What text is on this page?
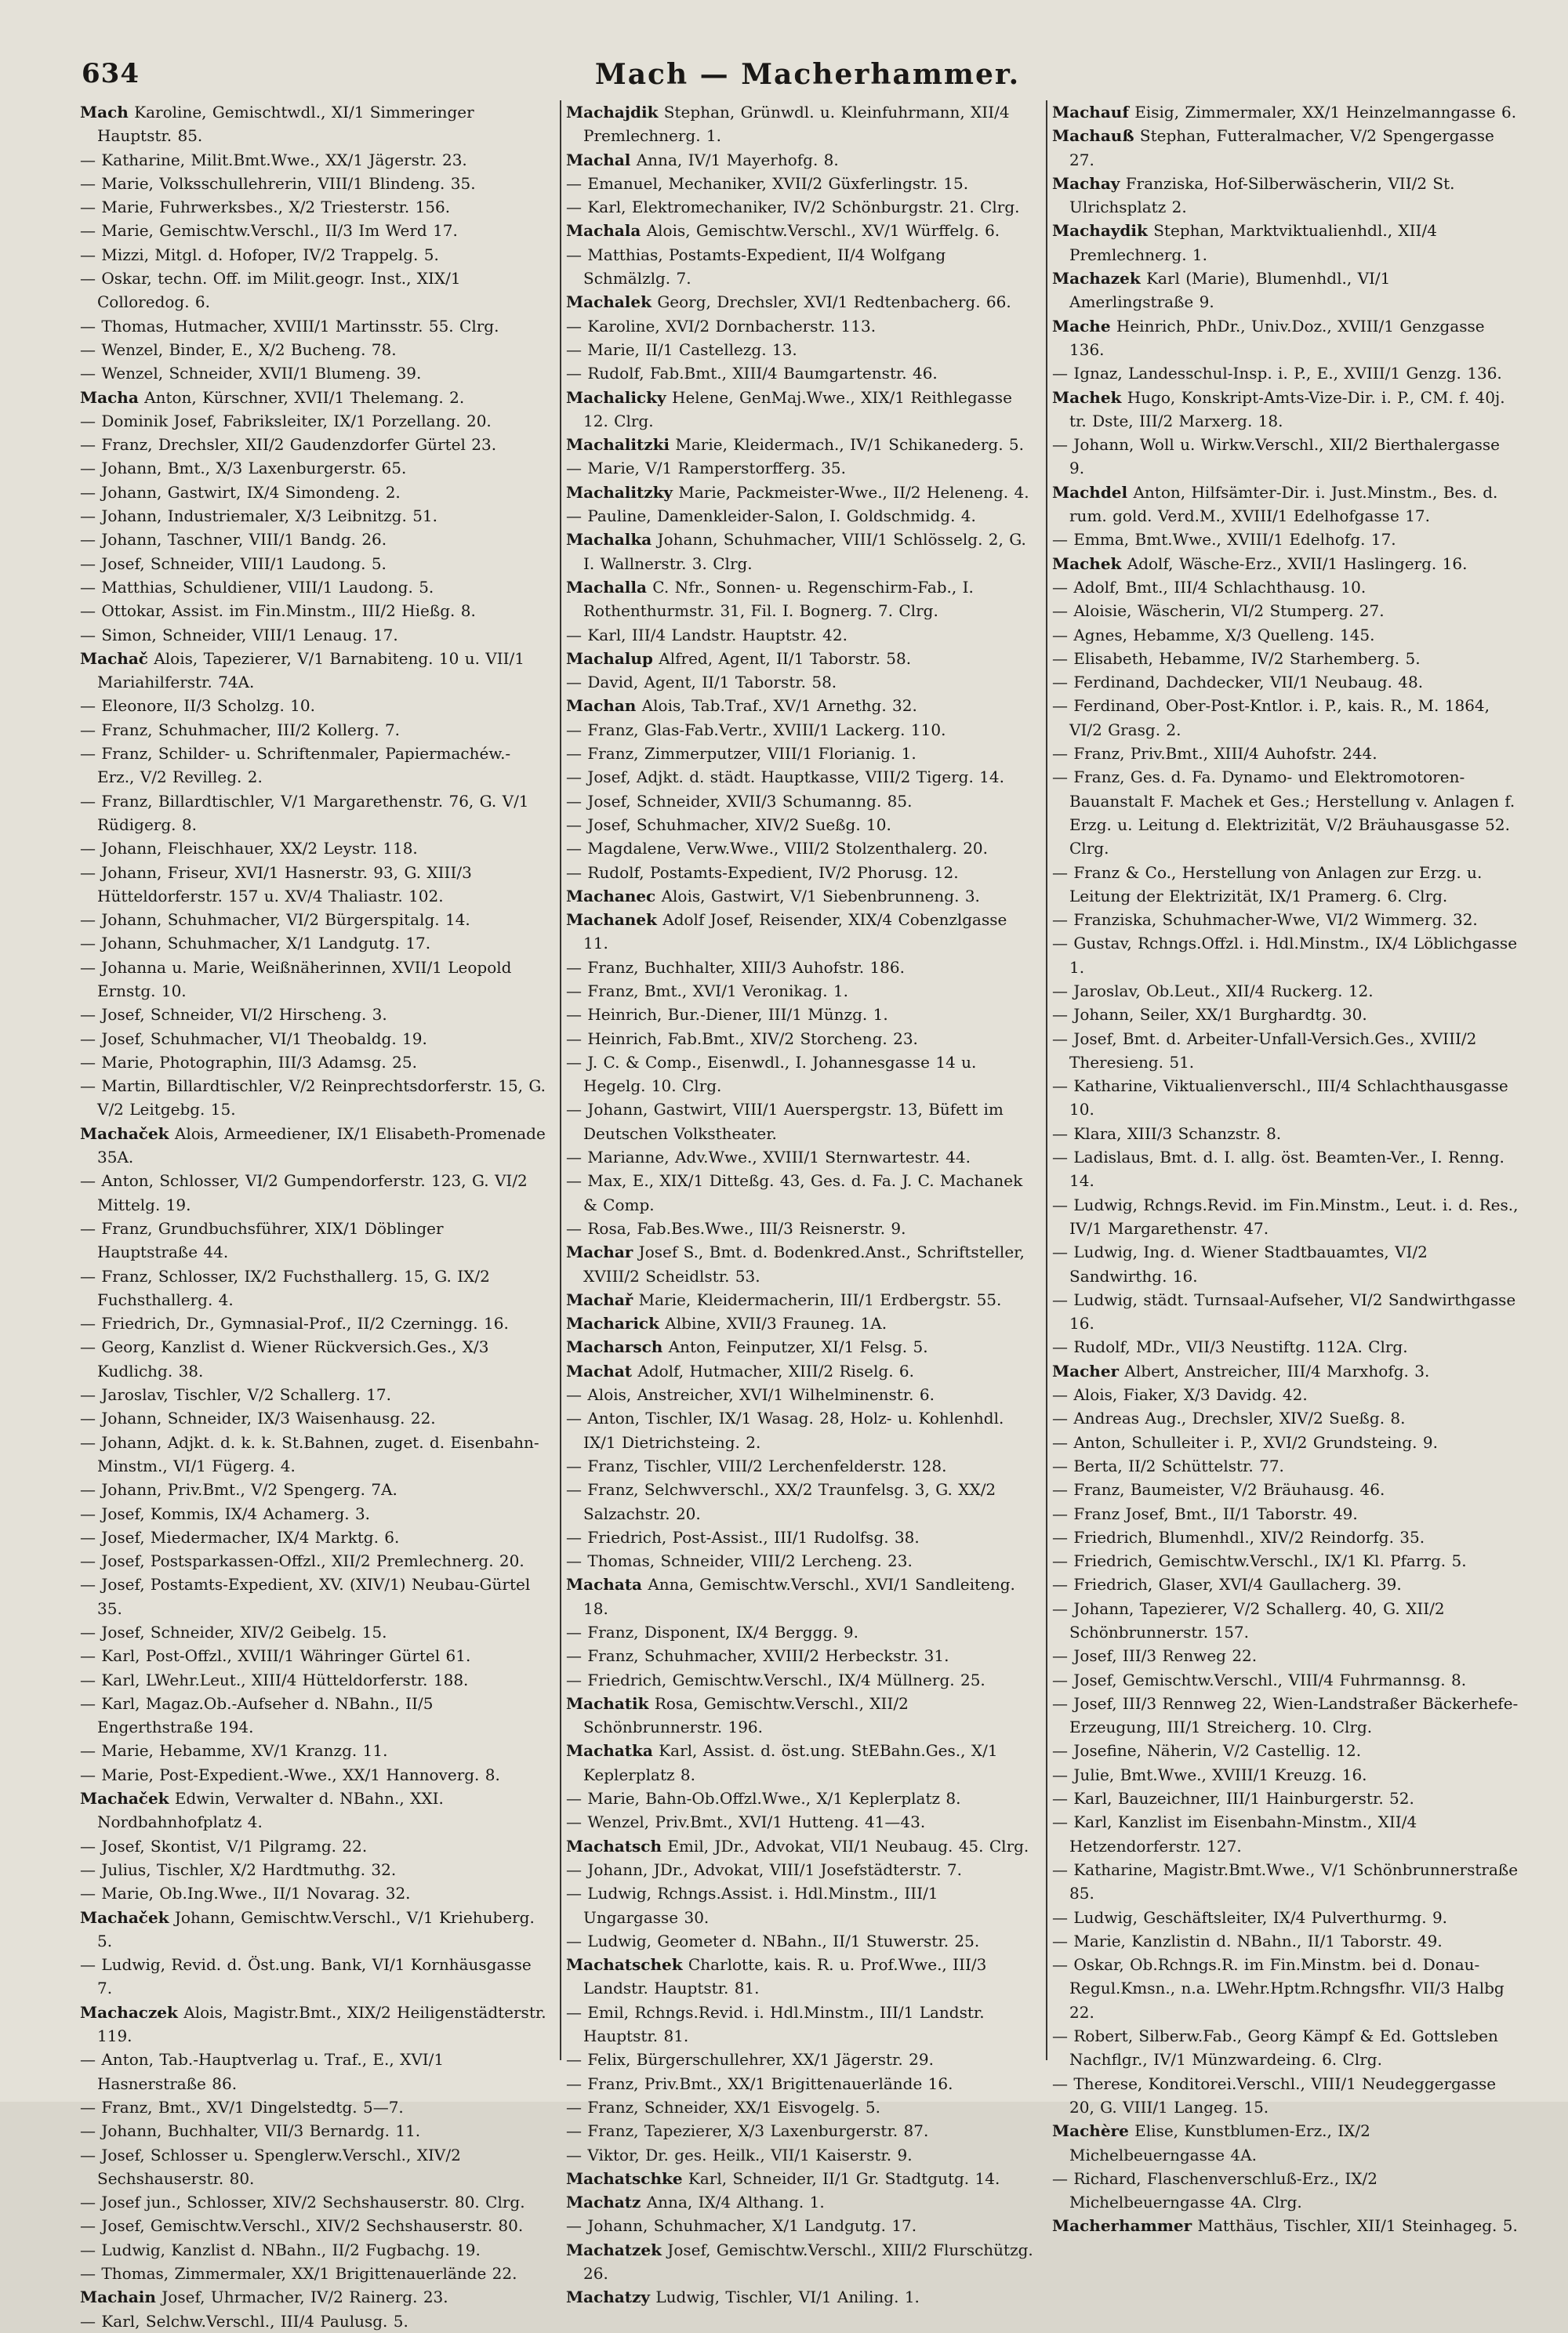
634	Mach — Macherhammer.

Mach Karoline, Gemischtwdl., XI/1 Simmeringer Hauptstr. 85.

— Katharine, Milit.Bmt.Wwe., XX/1 Jägerstr. 23.

— Marie, Volksschullehrerin, VIII/1 Blindeng. 35.

— Marie, Fuhrwerksbes., X/2 Triesterstr. 156.

— Marie, Gemischtw.Verschl., II/3 Im Werd 17.

— Mizzi, Mitgl. d. Hofoper, IV/2 Trappelg. 5.

— Oskar, techn. Off. im Milit.geogr. Inst., XIX/1 Colloredog. 6.

— Thomas, Hutmacher, XVIII/1 Martinsstr. 55. Clrg.

— Wenzel, Binder, E., X/2 Bucheng. 78.

— Wenzel, Schneider, XVII/1 Blumeng. 39.

Macha Anton, Kürschner, XVII/1 Thelemang. 2.

— Dominik Josef, Fabriksleiter, IX/1 Porzellang. 20.

— Franz, Drechsler, XII/2 Gaudenzdorfer Gürtel 23.

— Johann, Bmt., X/3 Laxenburgerstr. 65.

— Johann, Gastwirt, IX/4 Simondeng. 2.

— Johann, Industriemaler, X/3 Leibnitzg. 51.

— Johann, Taschner, VIII/1 Bandg. 26.

— Josef, Schneider, VIII/1 Laudong. 5.

— Matthias, Schuldiener, VIII/1 Laudong. 5.

— Ottokar, Assist. im Fin.Minstm., III/2 Hießg. 8.

— Simon, Schneider, VIII/1 Lenaug. 17.

Machač Alois, Tapezierer, V/1 Barnabiteng. 10 u. VII/1 Mariahilferstr. 74A.

— Eleonore, II/3 Scholzg. 10.

— Franz, Schuhmacher, III/2 Kollerg. 7.

— Franz, Schilder- u. Schriftenmaler, Papiermachéw.-Erz., V/2 Revilleg. 2.

— Franz, Billardtischler, V/1 Margarethenstr. 76, G. V/1 Rüdigerg. 8.

— Johann, Fleischhauer, XX/2 Leystr. 118.

— Johann, Friseur, XVI/1 Hasnerstr. 93, G. XIII/3 Hütteldorferstr. 157 u. XV/4 Thaliastr. 102.

— Johann, Schuhmacher, VI/2 Bürgerspitalg. 14.

— Johann, Schuhmacher, X/1 Landgutg. 17.

— Johanna u. Marie, Weißnäherinnen, XVII/1 Leopold Ernstg. 10.

— Josef, Schneider, VI/2 Hirscheng. 3.

— Josef, Schuhmacher, VI/1 Theobaldg. 19.

— Marie, Photographin, III/3 Adamsg. 25.

— Martin, Billardtischler, V/2 Reinprechtsdorferstr. 15, G. V/2 Leitgebg. 15.

Machaček Alois, Armeediener, IX/1 Elisabeth-Promenade 35A.

— Anton, Schlosser, VI/2 Gumpendorferstr. 123, G. VI/2 Mittelg. 19.

— Franz, Grundbuchsführer, XIX/1 Döblinger Hauptstraße 44.

— Franz, Schlosser, IX/2 Fuchsthallerg. 15, G. IX/2 Fuchsthallerg. 4.

— Friedrich, Dr., Gymnasial-Prof., II/2 Czerningg. 16.

— Georg, Kanzlist d. Wiener Rückversich.Ges., X/3 Kudlichg. 38.

— Jaroslav, Tischler, V/2 Schallerg. 17.

— Johann, Schneider, IX/3 Waisenhausg. 22.

— Johann, Adjkt. d. k. k. St.Bahnen, zuget. d. Eisenbahn-Minstm., VI/1 Fügerg. 4.

— Johann, Priv.Bmt., V/2 Spengerg. 7A.

— Josef, Kommis, IX/4 Achamerg. 3.

— Josef, Miedermacher, IX/4 Marktg. 6.

— Josef, Postsparkassen-Offzl., XII/2 Premlechnerg. 20.

— Josef, Postamts-Expedient, XV. (XIV/1) Neubau-Gürtel 35.

— Josef, Schneider, XIV/2 Geibelg. 15.

— Karl, Post-Offzl., XVIII/1 Währinger Gürtel 61.

— Karl, LWehr.Leut., XIII/4 Hütteldorferstr. 188.

— Karl, Magaz.Ob.-Aufseher d. NBahn., II/5 Engerthstraße 194.

— Marie, Hebamme, XV/1 Kranzg. 11.

— Marie, Post-Expedient.-Wwe., XX/1 Hannoverg. 8.

Machaček Edwin, Verwalter d. NBahn., XXI. Nordbahnhofplatz 4.

— Josef, Skontist, V/1 Pilgramg. 22.

— Julius, Tischler, X/2 Hardtmuthg. 32.

— Marie, Ob.Ing.Wwe., II/1 Novarag. 32.

Machaček Johann, Gemischtw.Verschl., V/1 Kriehuberg. 5.

— Ludwig, Revid. d. Öst.ung. Bank, VI/1 Kornhäusgasse 7.

Machaczek Alois, Magistr.Bmt., XIX/2 Heiligenstädterstr. 119.

— Anton, Tab.-Hauptverlag u. Traf., E., XVI/1 Hasnerstraße 86.

— Franz, Bmt., XV/1 Dingelstedtg. 5—7.

— Johann, Buchhalter, VII/3 Bernardg. 11.

— Josef, Schlosser u. Spenglerw.Verschl., XIV/2 Sechshauserstr. 80.

— Josef jun., Schlosser, XIV/2 Sechshauserstr. 80. Clrg.

— Josef, Gemischtw.Verschl., XIV/2 Sechshauserstr. 80.

— Ludwig, Kanzlist d. NBahn., II/2 Fugbachg. 19.

— Thomas, Zimmermaler, XX/1 Brigittenauerlände 22.

Machain Josef, Uhrmacher, IV/2 Rainerg. 23.

— Karl, Selchw.Verschl., III/4 Paulusg. 5.

Machajdik Stephan, Grünwdl. u. Kleinfuhrmann, XII/4 Premlechnerg. 1.

Machal Anna, IV/1 Mayerhofg. 8.

— Emanuel, Mechaniker, XVII/2 Güxferlingstr. 15.

— Karl, Elektromechaniker, IV/2 Schönburgstr. 21. Clrg.

Machala Alois, Gemischtw.Verschl., XV/1 Würffelg. 6.

— Matthias, Postamts-Expedient, II/4 Wolfgang Schmälzlg. 7.

Machalek Georg, Drechsler, XVI/1 Redtenbacherg. 66.

— Karoline, XVI/2 Dornbacherstr. 113.

— Marie, II/1 Castellezg. 13.

— Rudolf, Fab.Bmt., XIII/4 Baumgartenstr. 46.

Machalicky Helene, GenMaj.Wwe., XIX/1 Reithlegasse 12. Clrg.

Machalitzki Marie, Kleidermach., IV/1 Schikanederg. 5.

— Marie, V/1 Ramperstorfferg. 35.

Machalitzky Marie, Packmeister-Wwe., II/2 Heleneng. 4.

— Pauline, Damenkleider-Salon, I. Goldschmidg. 4.

Machalka Johann, Schuhmacher, VIII/1 Schlösselg. 2, G. I. Wallnerstr. 3. Clrg.

Machalla C. Nfr., Sonnen- u. Regenschirm-Fab., I. Rothenthurmstr. 31, Fil. I. Bognerg. 7. Clrg.

— Karl, III/4 Landstr. Hauptstr. 42.

Machalup Alfred, Agent, II/1 Taborstr. 58.

— David, Agent, II/1 Taborstr. 58.

Machan Alois, Tab.Traf., XV/1 Arnethg. 32.

— Franz, Glas-Fab.Vertr., XVIII/1 Lackerg. 110.

— Franz, Zimmerputzer, VIII/1 Florianig. 1.

— Josef, Adjkt. d. städt. Hauptkasse, VIII/2 Tigerg. 14.

— Josef, Schneider, XVII/3 Schumanng. 85.

— Josef, Schuhmacher, XIV/2 Sueßg. 10.

— Magdalene, Verw.Wwe., VIII/2 Stolzenthalerg. 20.

— Rudolf, Postamts-Expedient, IV/2 Phorusg. 12.

Machanec Alois, Gastwirt, V/1 Siebenbrunneng. 3.

Machanek Adolf Josef, Reisender, XIX/4 Cobenzlgasse 11.

— Franz, Buchhalter, XIII/3 Auhofstr. 186.

— Franz, Bmt., XVI/1 Veronikag. 1.

— Heinrich, Bur.-Diener, III/1 Münzg. 1.

— Heinrich, Fab.Bmt., XIV/2 Storcheng. 23.

— J. C. & Comp., Eisenwdl., I. Johannesgasse 14 u. Hegelg. 10. Clrg.

— Johann, Gastwirt, VIII/1 Auerspergstr. 13, Büfett im Deutschen Volkstheater.

— Marianne, Adv.Wwe., XVIII/1 Sternwartestr. 44.

— Max, E., XIX/1 Ditteßg. 43, Ges. d. Fa. J. C. Machanek & Comp.

— Rosa, Fab.Bes.Wwe., III/3 Reisnerstr. 9.

Machar Josef S., Bmt. d. Bodenkred.Anst., Schriftsteller, XVIII/2 Scheidlstr. 53.

Machař Marie, Kleidermacherin, III/1 Erdbergstr. 55.

Macharick Albine, XVII/3 Frauneg. 1A.

Macharsch Anton, Feinputzer, XI/1 Felsg. 5.

Machat Adolf, Hutmacher, XIII/2 Riselg. 6.

— Alois, Anstreicher, XVI/1 Wilhelminenstr. 6.

— Anton, Tischler, IX/1 Wasag. 28, Holz- u. Kohlenhdl. IX/1 Dietrichsteing. 2.

— Franz, Tischler, VIII/2 Lerchenfelderstr. 128.

— Franz, Selchwverschl., XX/2 Traunfelsg. 3, G. XX/2 Salzachstr. 20.

— Friedrich, Post-Assist., III/1 Rudolfsg. 38.

— Thomas, Schneider, VIII/2 Lercheng. 23.

Machata Anna, Gemischtw.Verschl., XVI/1 Sandleiteng. 18.

— Franz, Disponent, IX/4 Berggg. 9.

— Franz, Schuhmacher, XVIII/2 Herbeckstr. 31.

— Friedrich, Gemischtw.Verschl., IX/4 Müllnerg. 25.

Machatik Rosa, Gemischtw.Verschl., XII/2 Schönbrunnerstr. 196.

Machatka Karl, Assist. d. öst.ung. StEBahn.Ges., X/1 Keplerplatz 8.

— Marie, Bahn-Ob.Offzl.Wwe., X/1 Keplerplatz 8.

— Wenzel, Priv.Bmt., XVI/1 Hutteng. 41—43.

Machatsch Emil, JDr., Advokat, VII/1 Neubaug. 45. Clrg.

— Johann, JDr., Advokat, VIII/1 Josefstädterstr. 7.

— Ludwig, Rchngs.Assist. i. Hdl.Minstm., III/1 Ungargasse 30.

— Ludwig, Geometer d. NBahn., II/1 Stuwerstr. 25.

Machatschek Charlotte, kais. R. u. Prof.Wwe., III/3 Landstr. Hauptstr. 81.

— Emil, Rchngs.Revid. i. Hdl.Minstm., III/1 Landstr. Hauptstr. 81.

— Felix, Bürgerschullehrer, XX/1 Jägerstr. 29.

— Franz, Priv.Bmt., XX/1 Brigittenauerlände 16.

— Franz, Schneider, XX/1 Eisvogelg. 5.

— Franz, Tapezierer, X/3 Laxenburgerstr. 87.

— Viktor, Dr. ges. Heilk., VII/1 Kaiserstr. 9.

Machatschke Karl, Schneider, II/1 Gr. Stadtgutg. 14.

Machatz Anna, IX/4 Althang. 1.

— Johann, Schuhmacher, X/1 Landgutg. 17.

Machatzek Josef, Gemischtw.Verschl., XIII/2 Flurschützg. 26.

Machatzy Ludwig, Tischler, VI/1 Aniling. 1.

Machauf Eisig, Zimmermaler, XX/1 Heinzelmanngasse 6.

Machauß Stephan, Futteralmacher, V/2 Spengergasse 27.

Machay Franziska, Hof-Silberwäscherin, VII/2 St. Ulrichsplatz 2.

Machaydik Stephan, Marktviktualienhdl., XII/4 Premlechnerg. 1.

Machazek Karl (Marie), Blumenhdl., VI/1 Amerlingstraße 9.

Mache Heinrich, PhDr., Univ.Doz., XVIII/1 Genzgasse 136.

— Ignaz, Landesschul-Insp. i. P., E., XVIII/1 Genzg. 136.

Machek Hugo, Konskript-Amts-Vize-Dir. i. P., CM. f. 40j. tr. Dste, III/2 Marxerg. 18.

— Johann, Woll u. Wirkw.Verschl., XII/2 Bierthalergasse 9.

Machdel Anton, Hilfsämter-Dir. i. Just.Minstm., Bes. d. rum. gold. Verd.M., XVIII/1 Edelhofgasse 17.

— Emma, Bmt.Wwe., XVIII/1 Edelhofg. 17.

Machek Adolf, Wäsche-Erz., XVII/1 Haslingerg. 16.

— Adolf, Bmt., III/4 Schlachthausg. 10.

— Aloisie, Wäscherin, VI/2 Stumperg. 27.

— Agnes, Hebamme, X/3 Quelleng. 145.

— Elisabeth, Hebamme, IV/2 Starhemberg. 5.

— Ferdinand, Dachdecker, VII/1 Neubaug. 48.

— Ferdinand, Ober-Post-Kntlor. i. P., kais. R., M. 1864, VI/2 Grasg. 2.

— Franz, Priv.Bmt., XIII/4 Auhofstr. 244.

— Franz, Ges. d. Fa. Dynamo- und Elektromotoren-Bauanstalt F. Machek et Ges.; Herstellung v. Anlagen f. Erzg. u. Leitung d. Elektrizität, V/2 Bräuhausgasse 52. Clrg.

— Franz & Co., Herstellung von Anlagen zur Erzg. u. Leitung der Elektrizität, IX/1 Pramerg. 6. Clrg.

— Franziska, Schuhmacher-Wwe, VI/2 Wimmerg. 32.

— Gustav, Rchngs.Offzl. i. Hdl.Minstm., IX/4 Löblichgasse 1.

— Jaroslav, Ob.Leut., XII/4 Ruckerg. 12.

— Johann, Seiler, XX/1 Burghardtg. 30.

— Josef, Bmt. d. Arbeiter-Unfall-Versich.Ges., XVIII/2 Theresieng. 51.

— Katharine, Viktualienverschl., III/4 Schlachthausgasse 10.

— Klara, XIII/3 Schanzstr. 8.

— Ladislaus, Bmt. d. I. allg. öst. Beamten-Ver., I. Renng. 14.

— Ludwig, Rchngs.Revid. im Fin.Minstm., Leut. i. d. Res., IV/1 Margarethenstr. 47.

— Ludwig, Ing. d. Wiener Stadtbauamtes, VI/2 Sandwirthg. 16.

— Ludwig, städt. Turnsaal-Aufseher, VI/2 Sandwirthgasse 16.

— Rudolf, MDr., VII/3 Neustiftg. 112A. Clrg.

Macher Albert, Anstreicher, III/4 Marxhofg. 3.

— Alois, Fiaker, X/3 Davidg. 42.

— Andreas Aug., Drechsler, XIV/2 Sueßg. 8.

— Anton, Schulleiter i. P., XVI/2 Grundsteing. 9.

— Berta, II/2 Schüttelstr. 77.

— Franz, Baumeister, V/2 Bräuhausg. 46.

— Franz Josef, Bmt., II/1 Taborstr. 49.

— Friedrich, Blumenhdl., XIV/2 Reindorfg. 35.

— Friedrich, Gemischtw.Verschl., IX/1 Kl. Pfarrg. 5.

— Friedrich, Glaser, XVI/4 Gaullacherg. 39.

— Johann, Tapezierer, V/2 Schallerg. 40, G. XII/2 Schönbrunnerstr. 157.

— Josef, III/3 Renweg 22.

— Josef, Gemischtw.Verschl., VIII/4 Fuhrmannsg. 8.

— Josef, III/3 Rennweg 22, Wien-Landstraßer Bäckerhefe-Erzeugung, III/1 Streicherg. 10. Clrg.

— Josefine, Näherin, V/2 Castellig. 12.

— Julie, Bmt.Wwe., XVIII/1 Kreuzg. 16.

— Karl, Bauzeichner, III/1 Hainburgerstr. 52.

— Karl, Kanzlist im Eisenbahn-Minstm., XII/4 Hetzendorferstr. 127.

— Katharine, Magistr.Bmt.Wwe., V/1 Schönbrunnerstraße 85.

— Ludwig, Geschäftsleiter, IX/4 Pulverthurmg. 9.

— Marie, Kanzlistin d. NBahn., II/1 Taborstr. 49.

— Oskar, Ob.Rchngs.R. im Fin.Minstm. bei d. Donau-Regul.Kmsn., n.a. LWehr.Hptm.Rchngsfhr. VII/3 Halbg 22.

— Robert, Silberw.Fab., Georg Kämpf & Ed. Gottsleben Nachflgr., IV/1 Münzwardeing. 6. Clrg.

— Therese, Konditorei.Verschl., VIII/1 Neudeggergasse 20, G. VIII/1 Langeg. 15.

Machère Elise, Kunstblumen-Erz., IX/2 Michelbeuerngasse 4A.

— Richard, Flaschenverschluß-Erz., IX/2 Michelbeuerngasse 4A. Clrg.

Macherhammer Matthäus, Tischler, XII/1 Steinhageg. 5.
